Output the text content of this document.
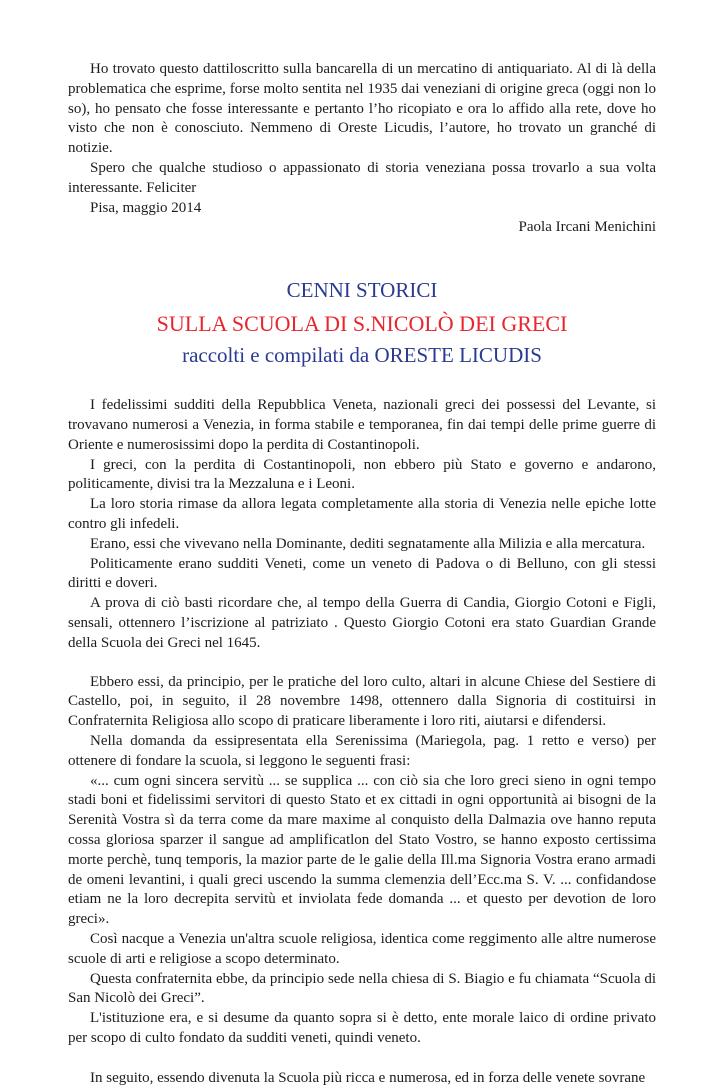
Ho trovato questo dattiloscritto sulla bancarella di un mercatino di antiquariato. Al di là della problematica che esprime, forse molto sentita nel 1935 dai veneziani di origine greca (oggi non lo so), ho pensato che fosse interessante e pertanto l’ho ricopiato e ora lo affido alla rete, dove ho visto che non è conosciuto. Nemmeno di Oreste Licudis, l’autore, ho trovato un granché di notizie.

Spero che qualche studioso o appassionato di storia veneziana possa trovarlo a sua volta interessante. Feliciter

Pisa, maggio 2014

Paola Ircani Menichini

CENNI STORICI

SULLA SCUOLA DI S.NICOLÒ DEI GRECI

raccolti e compilati da ORESTE LICUDIS

I fedelissimi sudditi della Repubblica Veneta, nazionali greci dei possessi del Levante, si trovavano numerosi a Venezia, in forma stabile e temporanea, fin dai tempi delle prime guerre di Oriente e numerosissimi dopo la perdita di Costantinopoli.

I greci, con la perdita di Costantinopoli, non ebbero più Stato e governo e andarono, politicamente, divisi tra la Mezzaluna e i Leoni.

La loro storia rimase da allora legata completamente alla storia di Venezia nelle epiche lotte contro gli infedeli.

Erano, essi che vivevano nella Dominante, dediti segnatamente alla Milizia e alla mercatura.

Politicamente erano sudditi Veneti, come un veneto di Padova o di Belluno, con gli stessi diritti e doveri.

A prova di ciò basti ricordare che, al tempo della Guerra di Candia, Giorgio Cotoni e Figli, sensali, ottennero l’iscrizione al patriziato . Questo Giorgio Cotoni era stato Guardian Grande della Scuola dei Greci nel 1645.

Ebbero essi, da principio, per le pratiche del loro culto, altari in alcune Chiese del Sestiere di Castello, poi, in seguito, il 28 novembre 1498, ottennero dalla Signoria di costituirsi in Confraternita Religiosa allo scopo di praticare liberamente i loro riti, aiutarsi e difendersi.

Nella domanda da essipresentata ella Serenissima (Mariegola, pag. 1 retto e verso) per ottenere di fondare la scuola, si leggono le seguenti frasi:

«... cum ogni sincera servitù ... se supplica ... con ciò sia che loro greci sieno in ogni tempo stadi boni et fidelissimi servitori di questo Stato et ex cittadi in ogni opportunità ai bisogni de la Serenità Vostra sì da terra come da mare maxime al conquisto della Dalmazia ove hanno reputa cossa gloriosa sparzer il sangue ad amplificatlon del Stato Vostro, se hanno exposto certissima morte perchè, tunq temporis, la mazior parte de le galie della Ill.ma Signoria Vostra erano armadi de omeni levantini, i quali greci uscendo la summa clemenzia dell’Ecc.ma S. V. ... confidandose etiam ne la loro decrepita servitù et inviolata fede domanda ... et questo per devotion de loro greci».

Così nacque a Venezia un'altra scuole religiosa, identica come reggimento alle altre numerose scuole di arti e religiose a scopo determinato.

Questa confraternita ebbe, da principio sede nella chiesa di S. Biagio e fu chiamata “Scuola di San Nicolò dei Greci”.

L'istituzione era, e si desume da quanto sopra si è detto, ente morale laico di ordine privato per scopo di culto fondato da sudditi veneti, quindi veneto.

In seguito, essendo divenuta la Scuola più ricca e numerosa, ed in forza delle venete sovrane
